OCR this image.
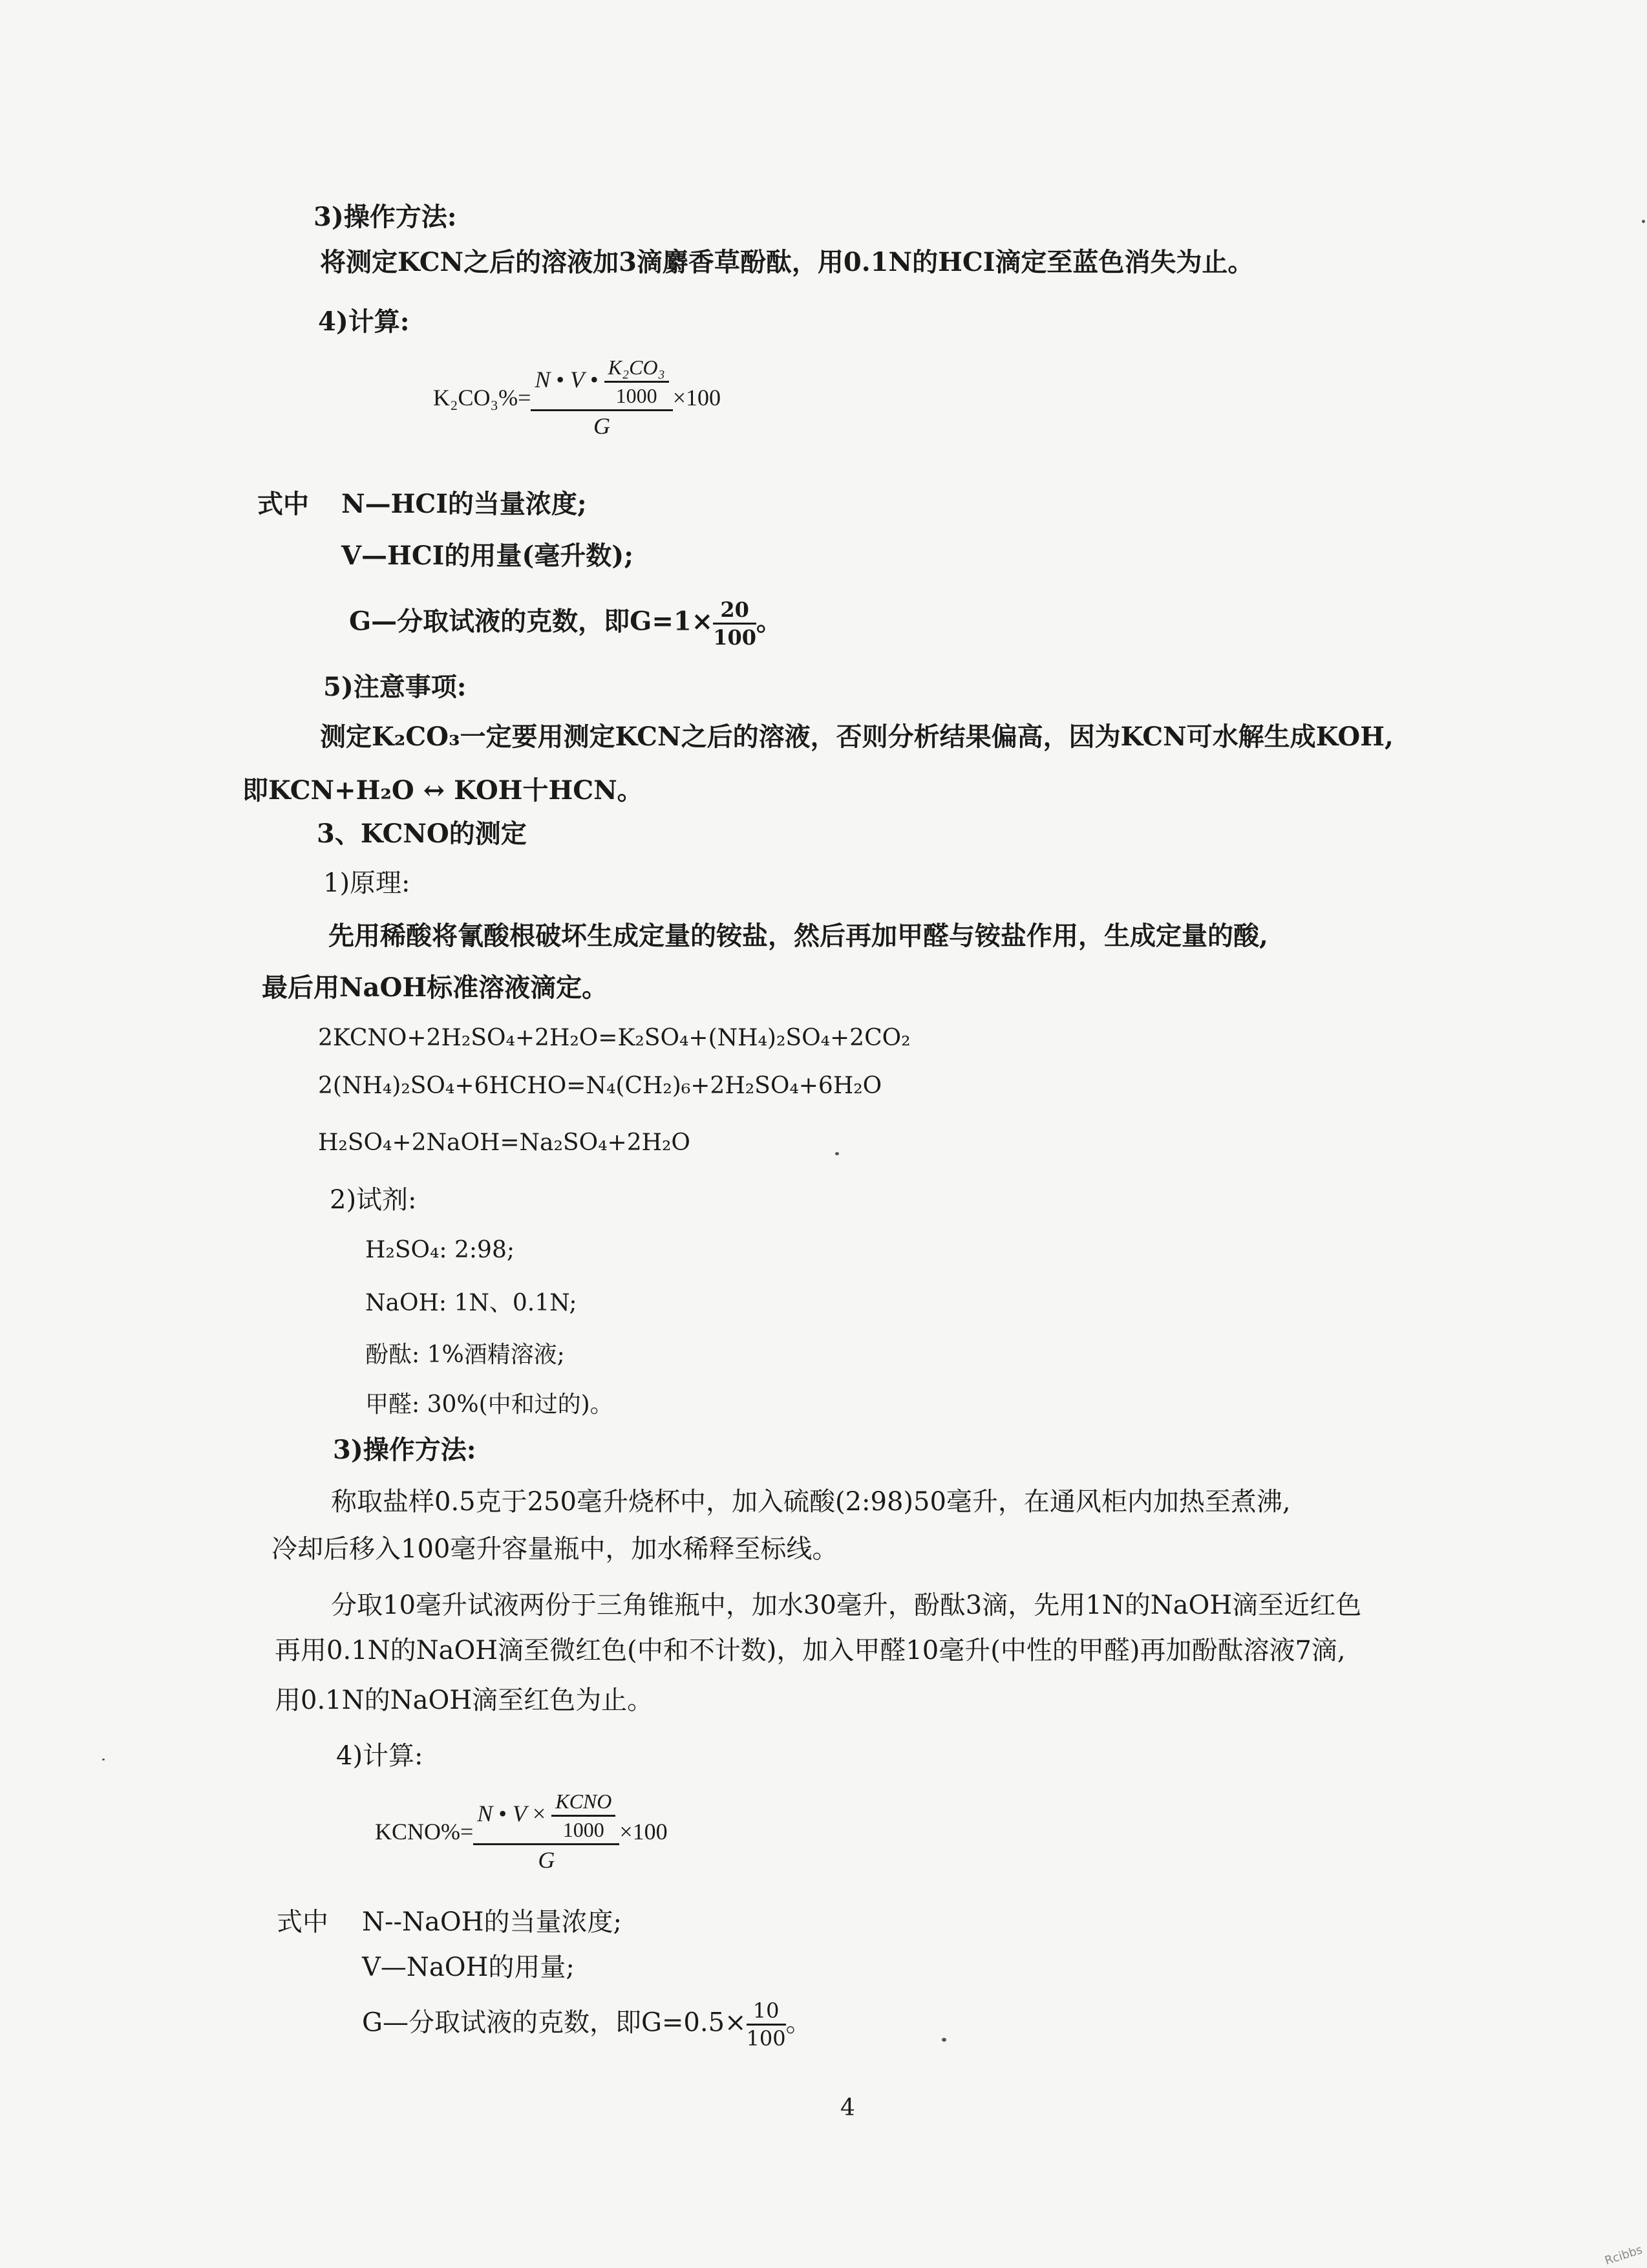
3)操作方法:
将测定KCN之后的溶液加3滴麝香草酚酞，用0.1N的HCI滴定至蓝色消失为止。
4)计算:
$K_2CO_3\%= \frac{N • V • \frac{\text{K₂CO₃}}{1000}}{G} \times 100$
式中 N—HCI的当量浓度;
V—HCI的用量(毫升数);
G—分取试液的克数，即$G=1\times \frac{20}{100}$ 。
5)注意事项:
测定K₂CO₃一定要用测定KCN之后的溶液，否则分析结果偏高，因为KCN可水解生成KOH,
即KCN+H₂O ↔ KOH十HCN。
3、KCNO的测定
1)原理:
先用稀酸将氰酸根破坏生成定量的铵盐，然后再加甲醛与铵盐作用，生成定量的酸,
最后用NaOH标准溶液滴定。
2KCNO+2H₂SO₄+2H₂O=K₂SO₄+(NH₄)₂SO₄+2CO₂
2(NH₄)₂SO₄+6HCHO=N₄(CH₂)₆+2H₂SO₄+6H₂O
H₂SO₄+2NaOH=Na₂SO₄+2H₂O
2)试剂:
H₂SO₄: 2:98;
NaOH: 1N、0.1N;
酚酞: 1%酒精溶液;
甲醛: 30%(中和过的)。
3)操作方法:
称取盐样0.5克于250毫升烧杯中，加入硫酸(2:98)50毫升，在通风柜内加热至煮沸,
冷却后移入100毫升容量瓶中，加水稀释至标线。
分取10毫升试液两份于三角锥瓶中，加水30毫升，酚酞3滴，先用1N的NaOH滴至近红色
再用0.1N的NaOH滴至微红色(中和不计数)，加入甲醛10毫升(中性的甲醛)再加酚酞溶液7滴,
用0.1N的NaOH滴至红色为止。
4)计算:
KCNO%= $\frac{N • V \times \frac{\text{KCNO}}{1000}}{G} \times 100$
式中 N--NaOH的当量浓度;
V—NaOH的用量;
G—分取试液的克数，即$G=0.5\times \frac{10}{100}$ 。
4
Rcibbs
